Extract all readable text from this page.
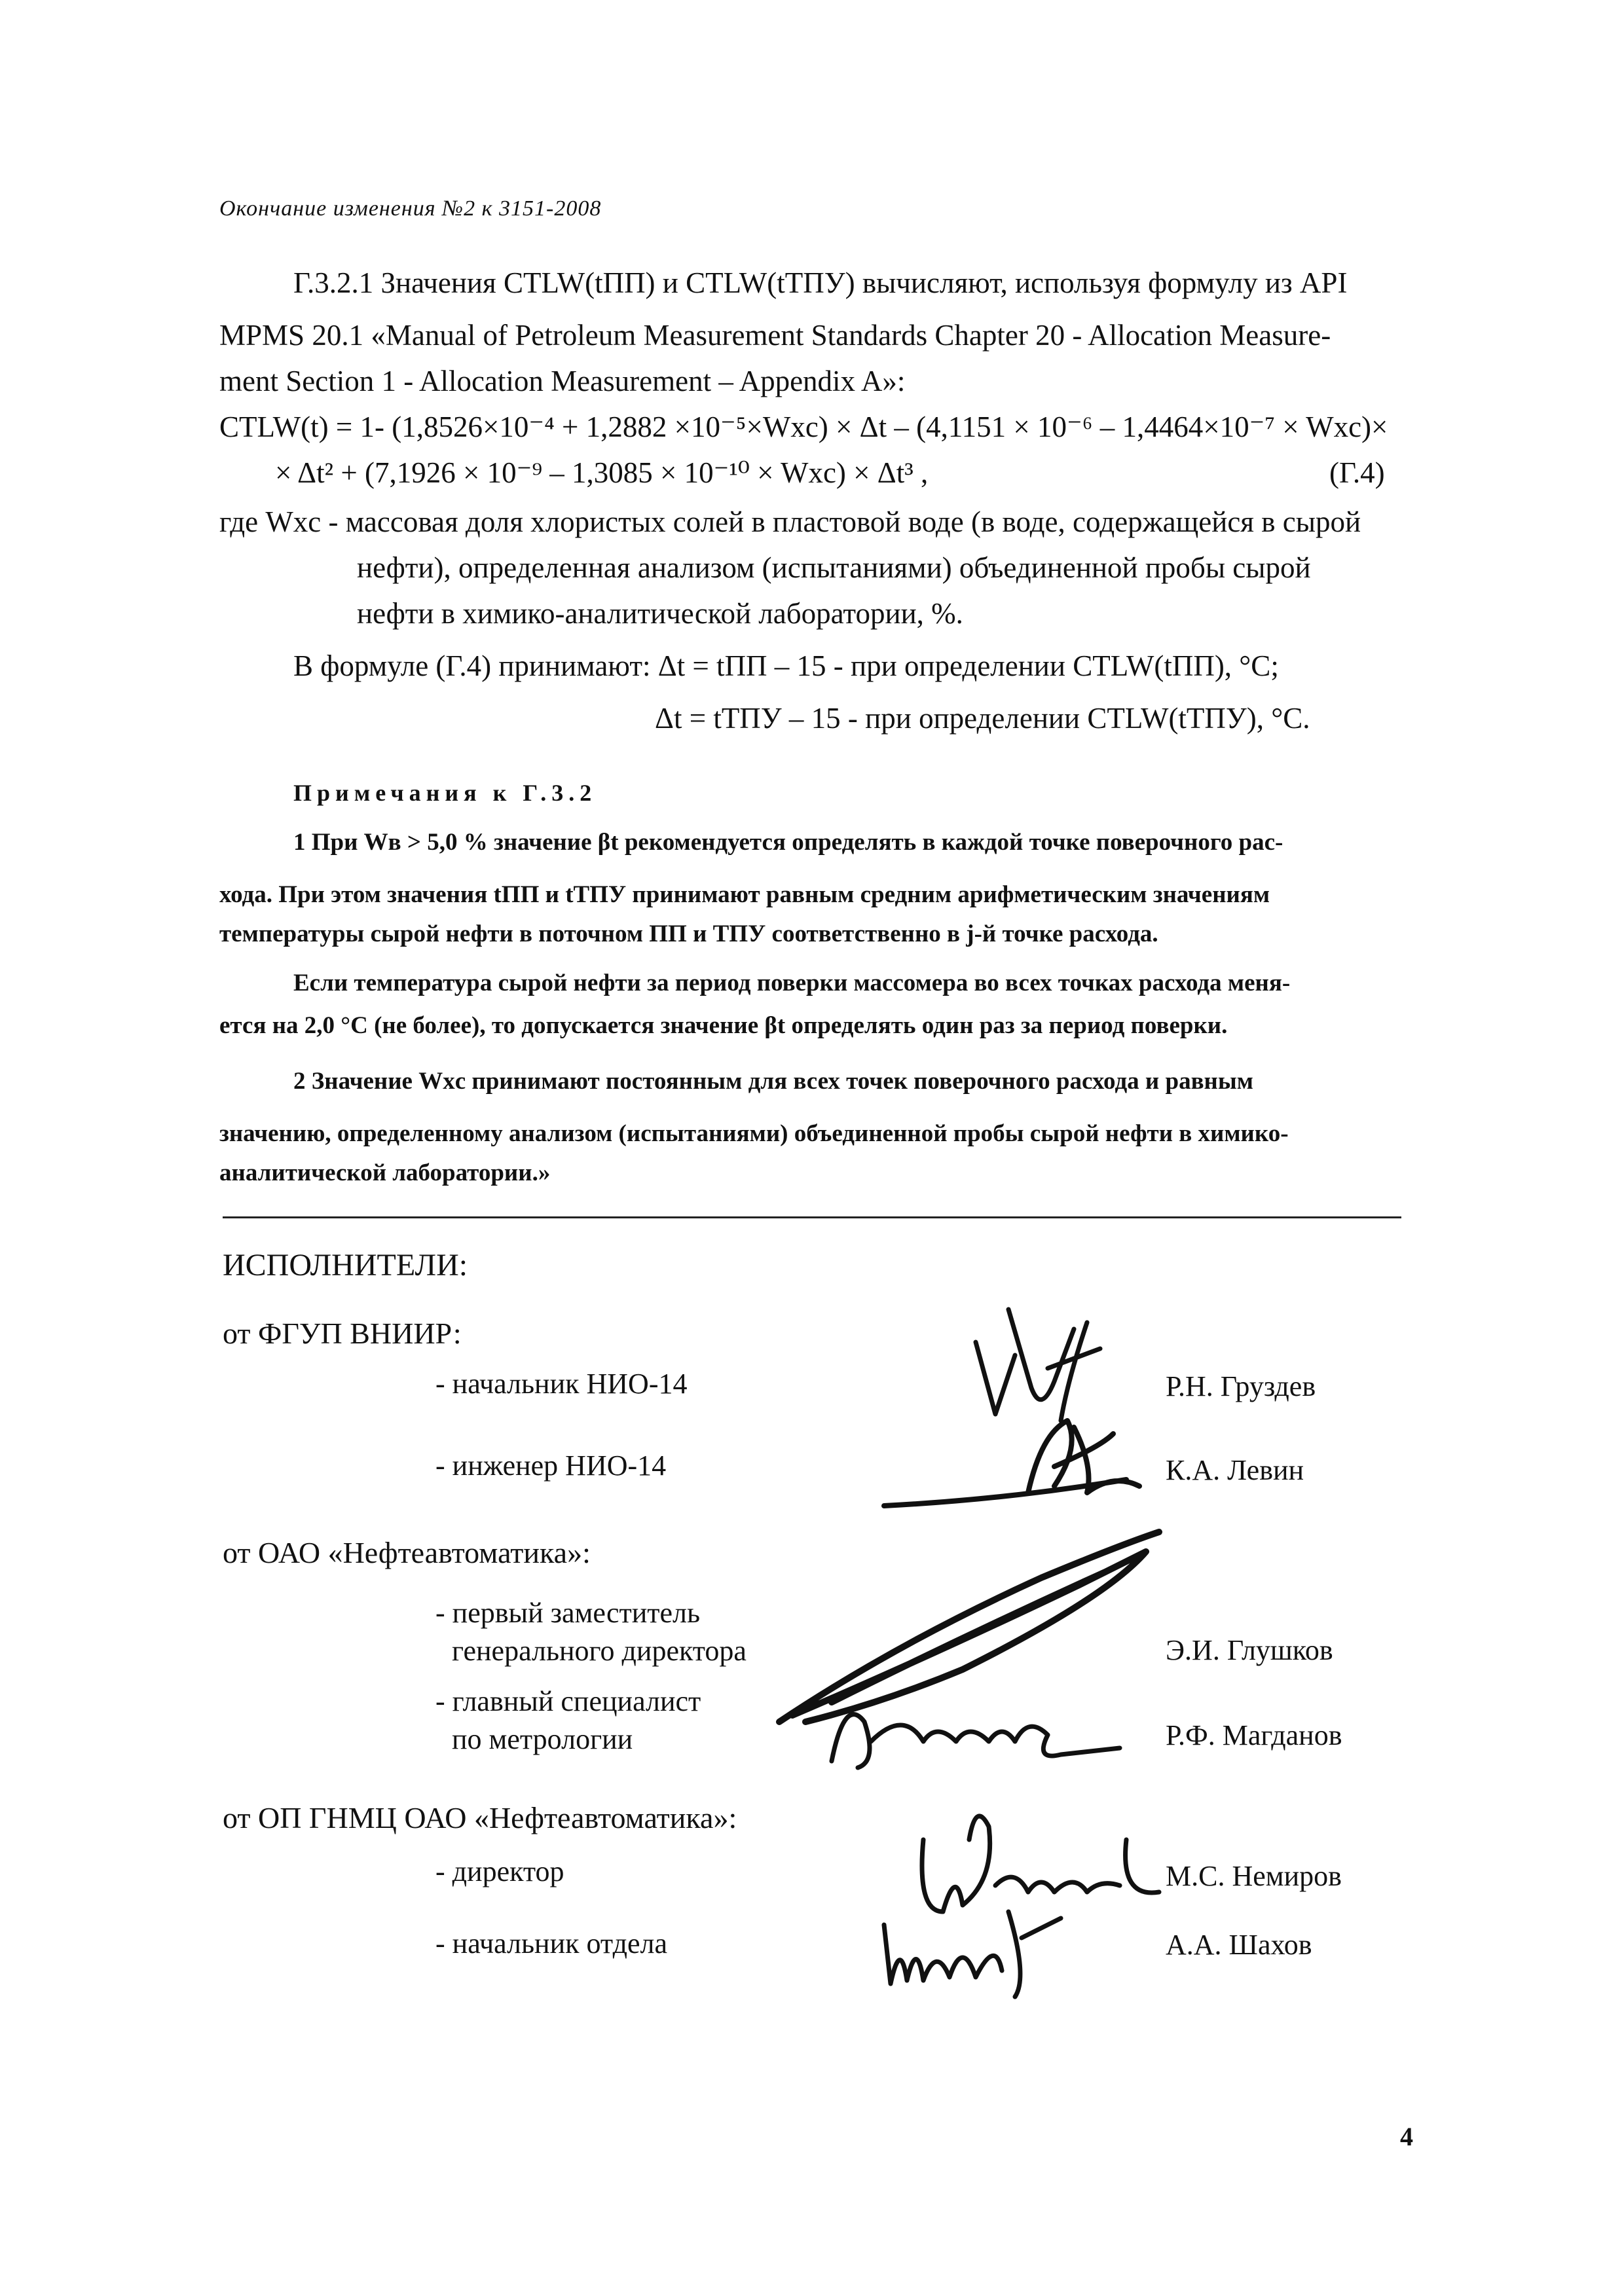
Окончание изменения №2 к 3151-2008
Г.3.2.1 Значения CTLW(tПП) и CTLW(tТПУ) вычисляют, используя формулу из API
MPMS 20.1 «Manual of Petroleum Measurement Standards Chapter 20 - Allocation Measure-
ment Section 1 - Allocation Measurement – Appendix A»:
CTLW(t) = 1- (1,8526×10⁻⁴ + 1,2882 ×10⁻⁵×Wxc) × Δt – (4,1151 × 10⁻⁶ – 1,4464×10⁻⁷ × Wxc)×
× Δt² + (7,1926 × 10⁻⁹ – 1,3085 × 10⁻¹⁰ × Wxc) × Δt³ ,	(Г.4)
где Wxc - массовая доля хлористых солей в пластовой воде (в воде, содержащейся в сырой
нефти), определенная анализом (испытаниями) объединенной пробы сырой
нефти в химико-аналитической лаборатории, %.
В формуле (Г.4) принимают: Δt = tПП – 15 - при определении CTLW(tПП), °C;
Δt = tТПУ – 15 - при определении CTLW(tТПУ), °C.
Примечания к Г.3.2
1 При Wв > 5,0 % значение βt рекомендуется определять в каждой точке поверочного рас-
хода. При этом значения tПП и tТПУ принимают равным средним арифметическим значениям
температуры сырой нефти в поточном ПП и ТПУ соответственно в j-й точке расхода.
Если температура сырой нефти за период поверки массомера во всех точках расхода меня-
ется на 2,0 °C (не более), то допускается значение βt определять один раз за период поверки.
2 Значение Wxc принимают постоянным для всех точек поверочного расхода и равным
значению, определенному анализом (испытаниями) объединенной пробы сырой нефти в химико-
аналитической лаборатории.»
ИСПОЛНИТЕЛИ:
от ФГУП ВНИИР:
- начальник НИО-14	Р.Н. Груздев
- инженер НИО-14	К.А. Левин
от ОАО «Нефтеавтоматика»:
- первый заместитель
генерального директора	Э.И. Глушков
- главный специалист
по метрологии	Р.Ф. Магданов
от ОП ГНМЦ ОАО «Нефтеавтоматика»:
- директор	М.С. Немиров
- начальник отдела	А.А. Шахов
4
